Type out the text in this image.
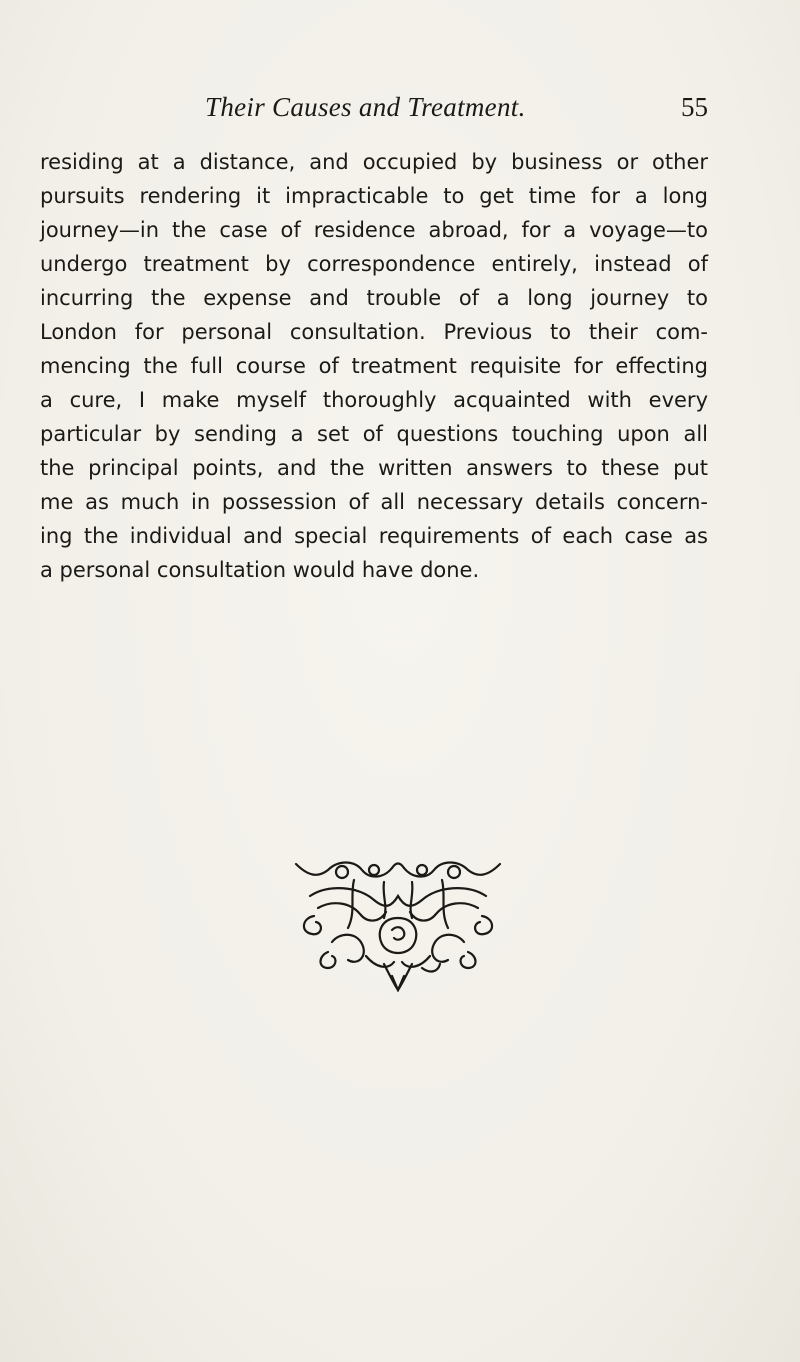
Their Causes and Treatment.	55
residing at a distance, and occupied by business or other
pursuits rendering it impracticable to get time for a long
journey—in the case of residence abroad, for a voyage—to
undergo treatment by correspondence entirely, instead of
incurring the expense and trouble of a long journey to
London for personal consultation. Previous to their com-
mencing the full course of treatment requisite for effecting
a cure, I make myself thoroughly acquainted with every
particular by sending a set of questions touching upon all
the principal points, and the written answers to these put
me as much in possession of all necessary details concern-
ing the individual and special requirements of each case as
a personal consultation would have done.
